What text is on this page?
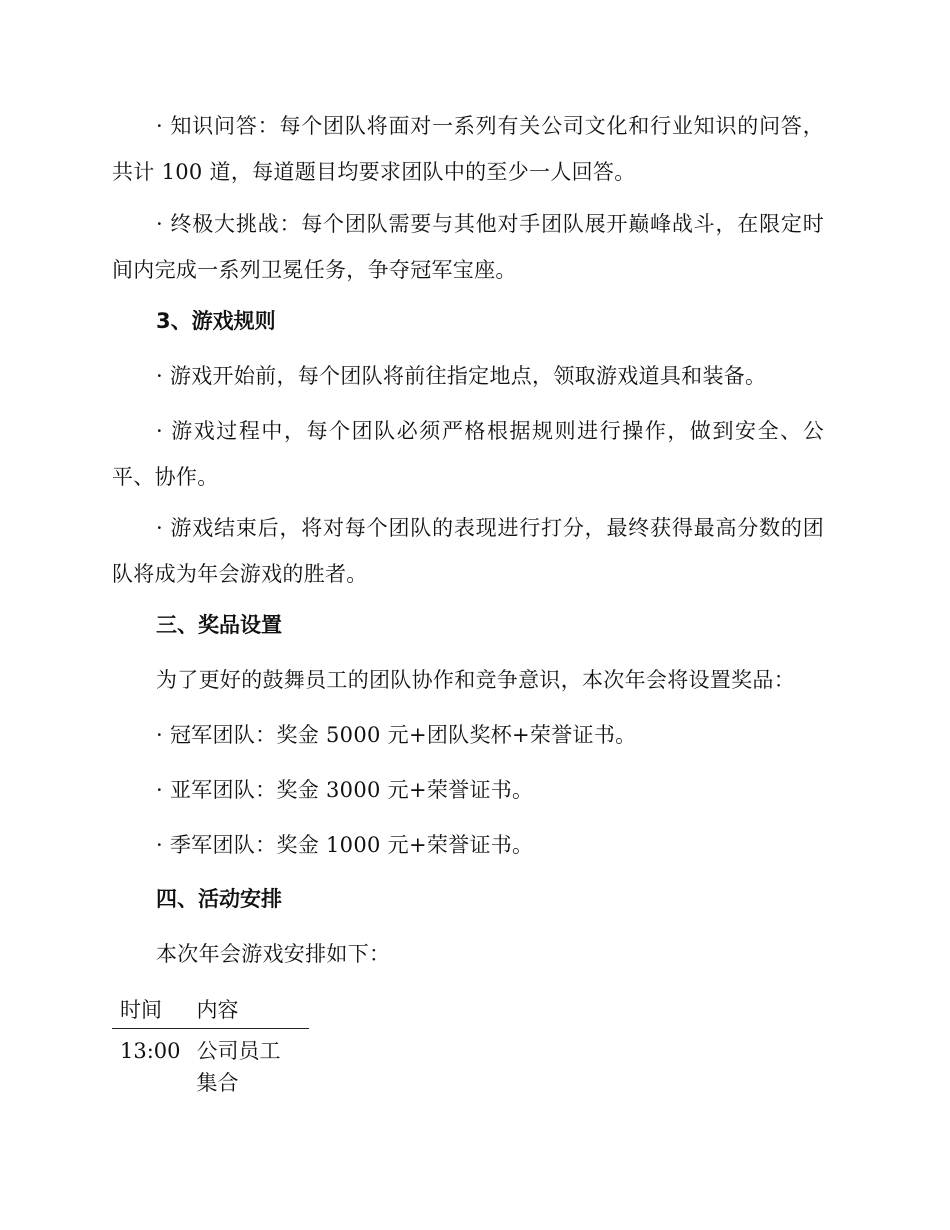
· 知识问答：每个团队将面对一系列有关公司文化和行业知识的问答，共计 100 道，每道题目均要求团队中的至少一人回答。

· 终极大挑战：每个团队需要与其他对手团队展开巅峰战斗，在限定时间内完成一系列卫冕任务，争夺冠军宝座。

3、游戏规则

· 游戏开始前，每个团队将前往指定地点，领取游戏道具和装备。

· 游戏过程中，每个团队必须严格根据规则进行操作，做到安全、公平、协作。

· 游戏结束后，将对每个团队的表现进行打分，最终获得最高分数的团队将成为年会游戏的胜者。

三、奖品设置

为了更好的鼓舞员工的团队协作和竞争意识，本次年会将设置奖品：

· 冠军团队：奖金 5000 元+团队奖杯+荣誉证书。

· 亚军团队：奖金 3000 元+荣誉证书。

· 季军团队：奖金 1000 元+荣誉证书。

四、活动安排

本次年会游戏安排如下：

时间	内容
13:00	公司员工集合
